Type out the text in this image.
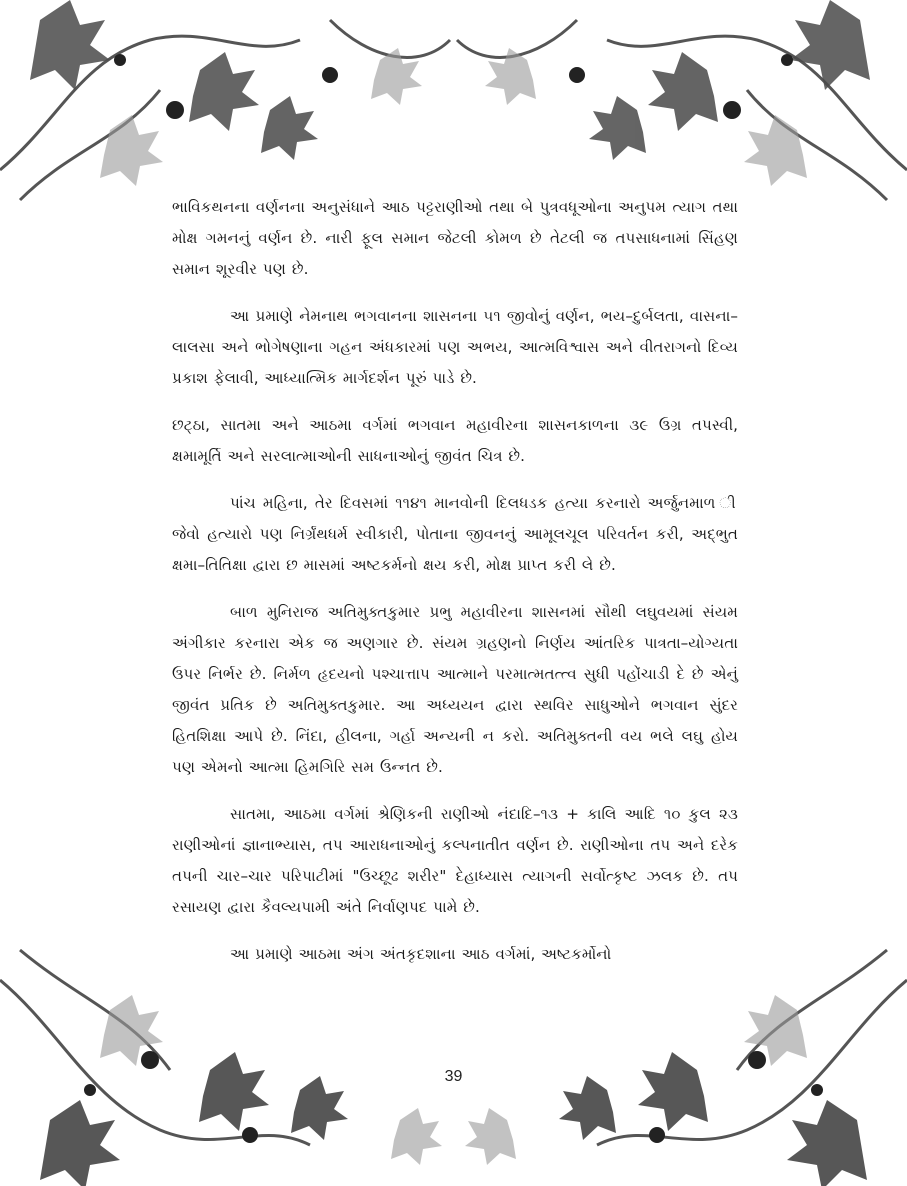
ભાવિકથનના વર્ણનના અનુસંધાને આઠ પટ્ટરાણીઓ તથા બે પુત્રવધૂઓના અનુપમ ત્યાગ તથા મોક્ષ ગમનનું વર્ણન છે. નારી ફૂલ સમાન જેટલી કોમળ છે તેટલી જ તપસાધનામાં સિંહણ સમાન શૂરવીર પણ છે.

આ પ્રમાણે નેમનાથ ભગવાનના શાસનના ૫૧ જીવોનું વર્ણન, ભય–દુર્બલતા, વાસના–લાલસા અને ભોગેષણાના ગહન અંધકારમાં પણ અભય, આત્મવિશ્વાસ અને વીતરાગનો દિવ્ય પ્રકાશ ફેલાવી, આધ્યાત્મિક માર્ગદર્શન પૂરું પાડે છે.

છટ્ઠા, સાતમા અને આઠમા વર્ગમાં ભગવાન મહાવીરના શાસનકાળના ૩૯ ઉગ્ર તપસ્વી, ક્ષમામૂર્તિ અને સરલાત્માઓની સાધનાઓનું જીવંત ચિત્ર છે.

પાંચ મહિના, તેર દિવસમાં ૧૧૪૧ માનવોની દિલધડક હત્યા કરનારો અર્જુનમાળ ી જેવો હત્યારો પણ નિર્ગ્રંથધર્મ સ્વીકારી, પોતાના જીવનનું આમૂલચૂલ પરિવર્તન કરી, અદ્‌ભુત ક્ષમા–તિતિક્ષા દ્વારા છ માસમાં અષ્ટકર્મનો ક્ષય કરી, મોક્ષ પ્રાપ્ત કરી લે છે.

બાળ મુનિરાજ અતિમુક્તકુમાર પ્રભુ મહાવીરના શાસનમાં સૌથી લઘુવયમાં સંયમ અંગીકાર કરનારા એક જ અણગાર છે. સંયમ ગ્રહણનો નિર્ણય આંતરિક પાત્રતા–યોગ્યતા ઉપર નિર્ભર છે. નિર્મળ હૃદયનો પશ્ચાત્તાપ આત્માને પરમાત્મતત્ત્વ સુધી પહોંચાડી દે છે એનું જીવંત પ્રતિક છે અતિમુક્તકુમાર. આ અધ્યયન દ્વારા સ્થવિર સાધુઓને ભગવાન સુંદર હિતશિક્ષા આપે છે. નિંદા, હીલના, ગર્હા અન્યની ન કરો. અતિમુક્તની વય ભલે લઘુ હોય પણ એમનો આત્મા હિમગિરિ સમ ઉન્નત છે.

સાતમા, આઠમા વર્ગમાં શ્રેણિકની રાણીઓ નંદાદિ–૧૩ + કાલિ આદિ ૧૦ કુલ ૨૩ રાણીઓનાં જ્ઞાનાભ્યાસ, તપ આરાધનાઓનું કલ્પનાતીત વર્ણન છે. રાણીઓના તપ અને દરેક તપની ચાર–ચાર પરિપાટીમાં "ઉચ્છૂઢ શરીર" દેહાધ્યાસ ત્યાગની સર્વોત્કૃષ્ટ ઝલક છે. તપ રસાયણ દ્વારા કૈવલ્યપામી અંતે નિર્વાણપદ પામે છે.

આ પ્રમાણે આઠમા અંગ અંતકૃદશાના આઠ વર્ગમાં, અષ્ટકર્મોનો

39
